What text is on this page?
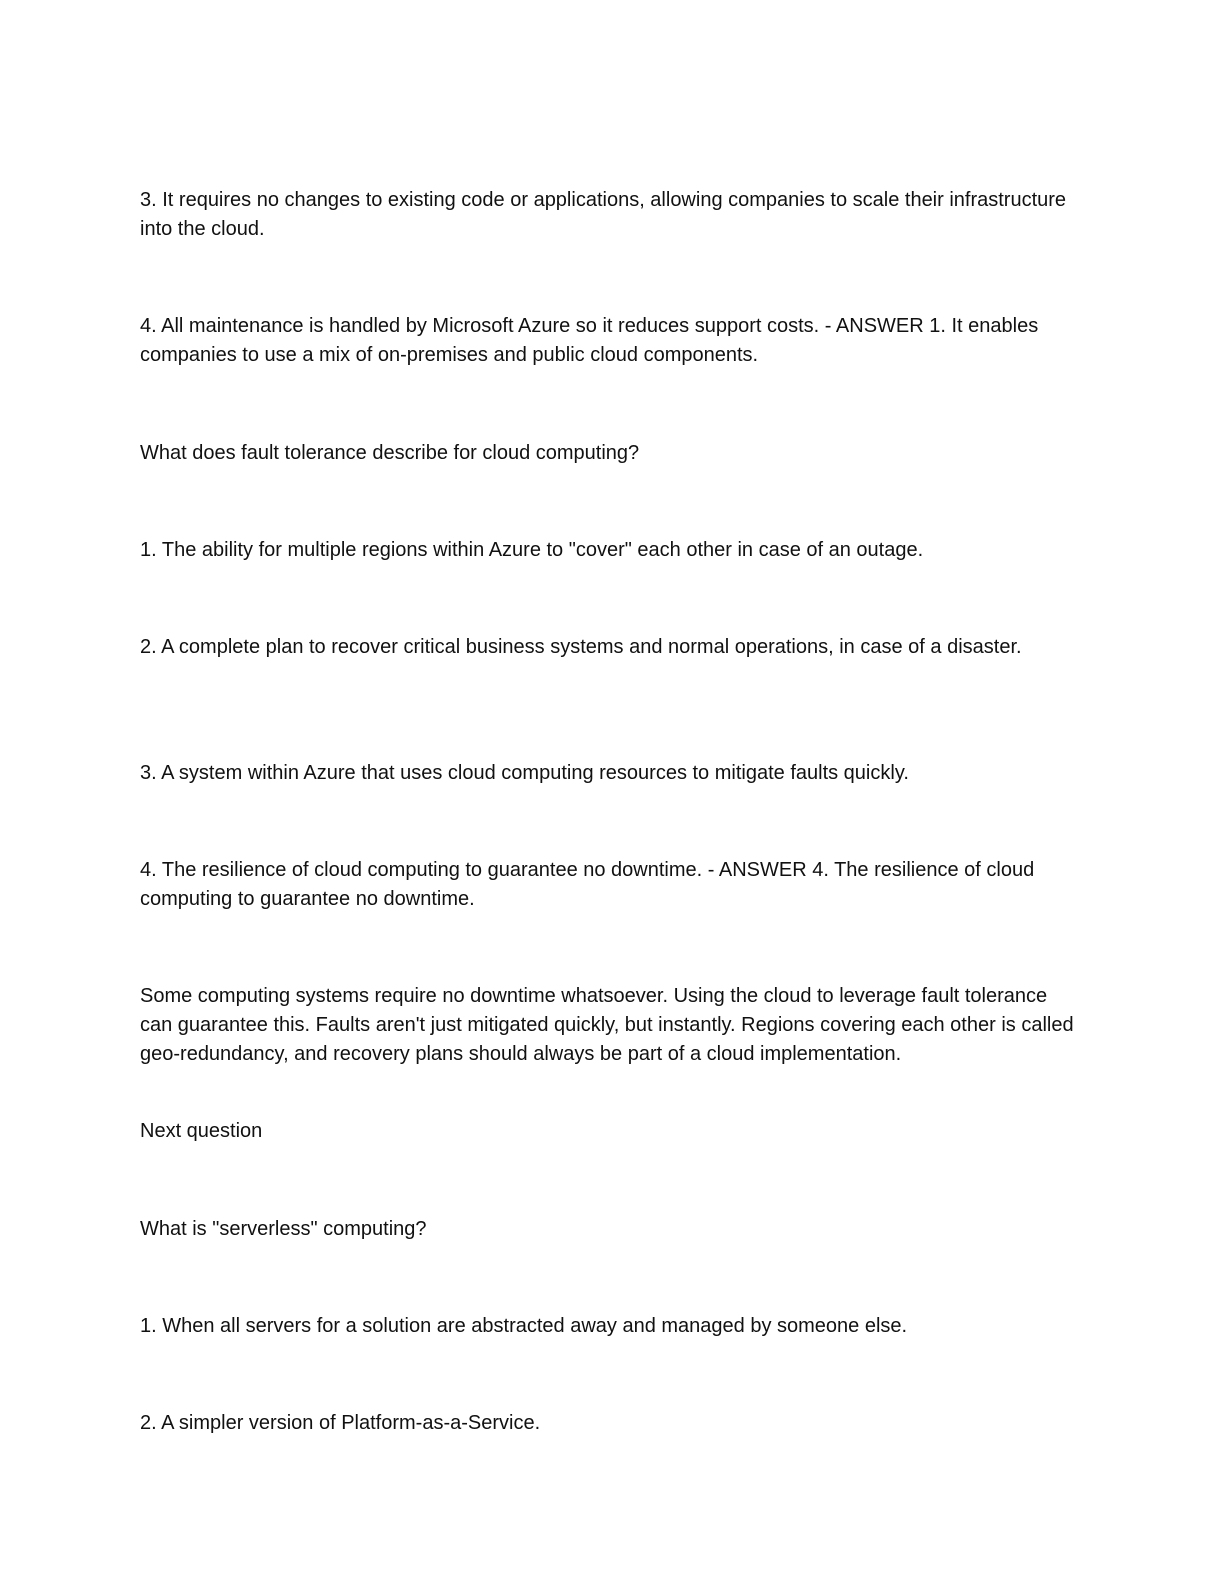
3. It requires no changes to existing code or applications, allowing companies to scale their infrastructure into the cloud.

4. All maintenance is handled by Microsoft Azure so it reduces support costs. - ANSWER 1. It enables companies to use a mix of on-premises and public cloud components.

What does fault tolerance describe for cloud computing?

1. The ability for multiple regions within Azure to "cover" each other in case of an outage.

2. A complete plan to recover critical business systems and normal operations, in case of a disaster.

3. A system within Azure that uses cloud computing resources to mitigate faults quickly.

4. The resilience of cloud computing to guarantee no downtime. - ANSWER 4. The resilience of cloud computing to guarantee no downtime.

Some computing systems require no downtime whatsoever. Using the cloud to leverage fault tolerance can guarantee this. Faults aren't just mitigated quickly, but instantly. Regions covering each other is called geo-redundancy, and recovery plans should always be part of a cloud implementation.

Next question

What is "serverless" computing?

1. When all servers for a solution are abstracted away and managed by someone else.

2. A simpler version of Platform-as-a-Service.
